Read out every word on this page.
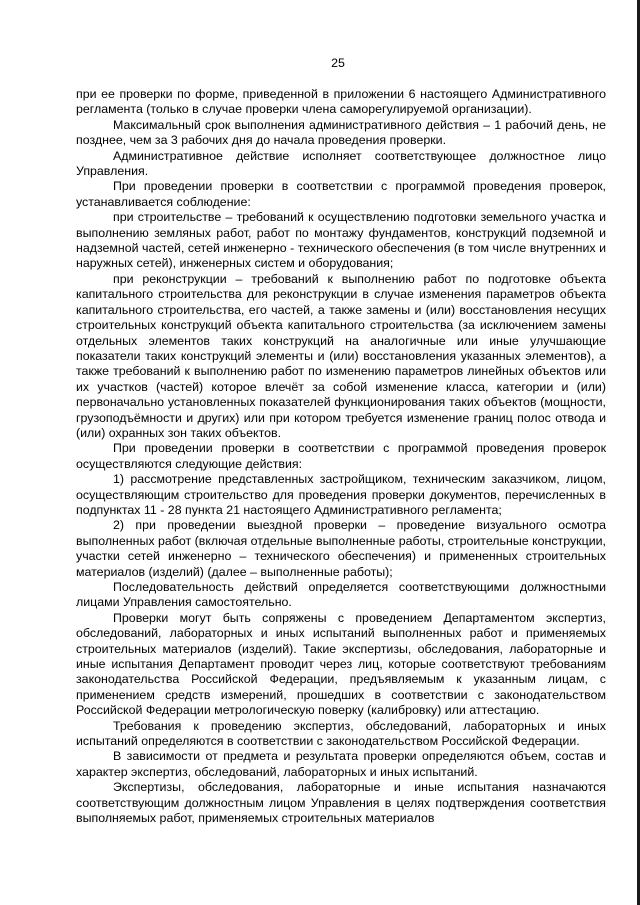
25

при ее проверки по форме, приведенной в приложении 6 настоящего Административного регламента (только в случае проверки члена саморегулируемой организации).

Максимальный срок выполнения административного действия – 1 рабочий день, не позднее, чем за 3 рабочих дня до начала проведения проверки.

Административное действие исполняет соответствующее должностное лицо Управления.

При проведении проверки в соответствии с программой проведения проверок, устанавливается соблюдение:

при строительстве – требований к осуществлению подготовки земельного участка и выполнению земляных работ, работ по монтажу фундаментов, конструкций подземной и надземной частей, сетей инженерно - технического обеспечения (в том числе внутренних и наружных сетей), инженерных систем и оборудования;

при реконструкции – требований к выполнению работ по подготовке объекта капитального строительства для реконструкции в случае изменения параметров объекта капитального строительства, его частей, а также замены и (или) восстановления несущих строительных конструкций объекта капитального строительства (за исключением замены отдельных элементов таких конструкций на аналогичные или иные улучшающие показатели таких конструкций элементы и (или) восстановления указанных элементов), а также требований к выполнению работ по изменению параметров линейных объектов или их участков (частей) которое влечёт за собой изменение класса, категории и (или) первоначально установленных показателей функционирования таких объектов (мощности, грузоподъёмности и других) или при котором требуется изменение границ полос отвода и (или) охранных зон таких объектов.

При проведении проверки в соответствии с программой проведения проверок осуществляются следующие действия:

1) рассмотрение представленных застройщиком, техническим заказчиком, лицом, осуществляющим строительство для проведения проверки документов, перечисленных в подпунктах 11 - 28 пункта 21 настоящего Административного регламента;

2) при проведении выездной проверки – проведение визуального осмотра выполненных работ (включая отдельные выполненные работы, строительные конструкции, участки сетей инженерно – технического обеспечения) и примененных строительных материалов (изделий) (далее – выполненные работы);

Последовательность действий определяется соответствующими должностными лицами Управления самостоятельно.

Проверки могут быть сопряжены с проведением Департаментом экспертиз, обследований, лабораторных и иных испытаний выполненных работ и применяемых строительных материалов (изделий). Такие экспертизы, обследования, лабораторные и иные испытания Департамент проводит через лиц, которые соответствуют требованиям законодательства Российской Федерации, предъявляемым к указанным лицам, с применением средств измерений, прошедших в соответствии с законодательством Российской Федерации метрологическую поверку (калибровку) или аттестацию.

Требования к проведению экспертиз, обследований, лабораторных и иных испытаний определяются в соответствии с законодательством Российской Федерации.

В зависимости от предмета и результата проверки определяются объем, состав и характер экспертиз, обследований, лабораторных и иных испытаний.

Экспертизы, обследования, лабораторные и иные испытания назначаются соответствующим должностным лицом Управления в целях подтверждения соответствия выполняемых работ, применяемых строительных материалов
